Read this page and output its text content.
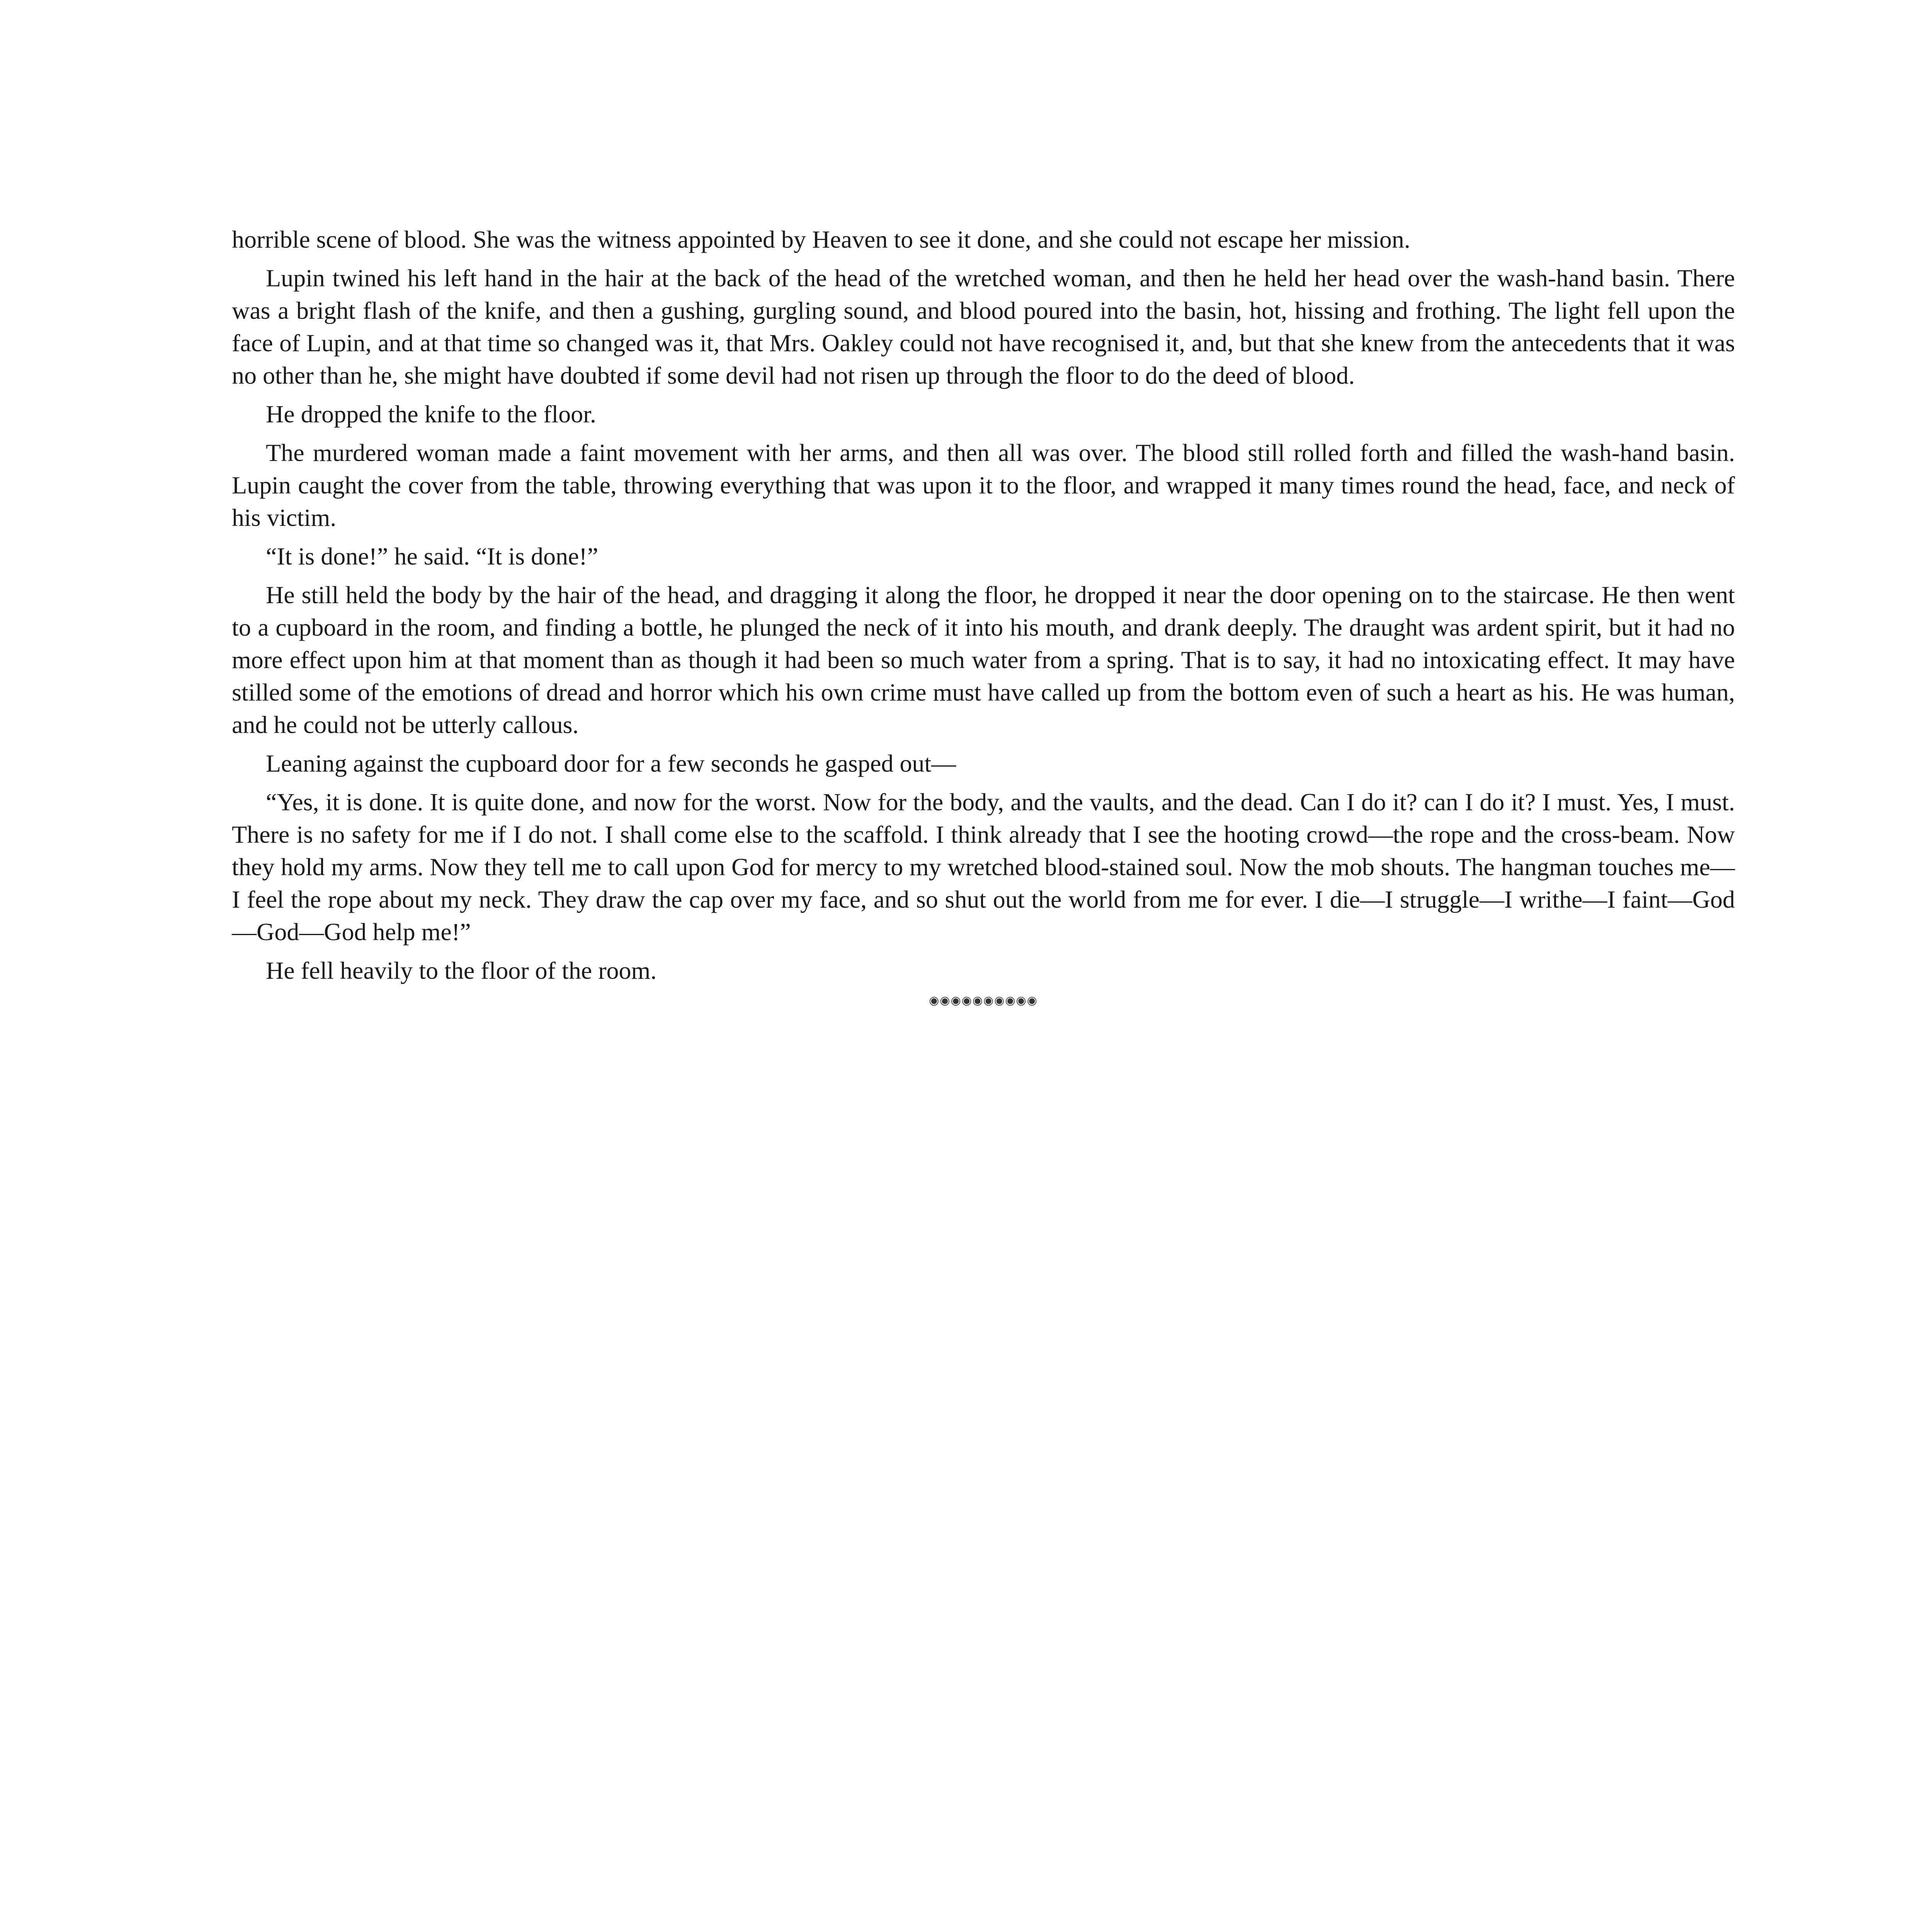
horrible scene of blood. She was the witness appointed by Heaven to see it done, and she could not escape her mission.

Lupin twined his left hand in the hair at the back of the head of the wretched woman, and then he held her head over the wash-hand basin. There was a bright flash of the knife, and then a gushing, gurgling sound, and blood poured into the basin, hot, hissing and frothing. The light fell upon the face of Lupin, and at that time so changed was it, that Mrs. Oakley could not have recognised it, and, but that she knew from the antecedents that it was no other than he, she might have doubted if some devil had not risen up through the floor to do the deed of blood.

He dropped the knife to the floor.

The murdered woman made a faint movement with her arms, and then all was over. The blood still rolled forth and filled the wash-hand basin. Lupin caught the cover from the table, throwing everything that was upon it to the floor, and wrapped it many times round the head, face, and neck of his victim.

“It is done!” he said. “It is done!”

He still held the body by the hair of the head, and dragging it along the floor, he dropped it near the door opening on to the staircase. He then went to a cupboard in the room, and finding a bottle, he plunged the neck of it into his mouth, and drank deeply. The draught was ardent spirit, but it had no more effect upon him at that moment than as though it had been so much water from a spring. That is to say, it had no intoxicating effect. It may have stilled some of the emotions of dread and horror which his own crime must have called up from the bottom even of such a heart as his. He was human, and he could not be utterly callous.

Leaning against the cupboard door for a few seconds he gasped out—

“Yes, it is done. It is quite done, and now for the worst. Now for the body, and the vaults, and the dead. Can I do it? can I do it? I must. Yes, I must. There is no safety for me if I do not. I shall come else to the scaffold. I think already that I see the hooting crowd—the rope and the cross-beam. Now they hold my arms. Now they tell me to call upon God for mercy to my wretched blood-stained soul. Now the mob shouts. The hangman touches me—I feel the rope about my neck. They draw the cap over my face, and so shut out the world from me for ever. I die—I struggle—I writhe—I faint—God—God—God help me!”

He fell heavily to the floor of the room.

◉◉◉◉◉◉◉◉◉◉
